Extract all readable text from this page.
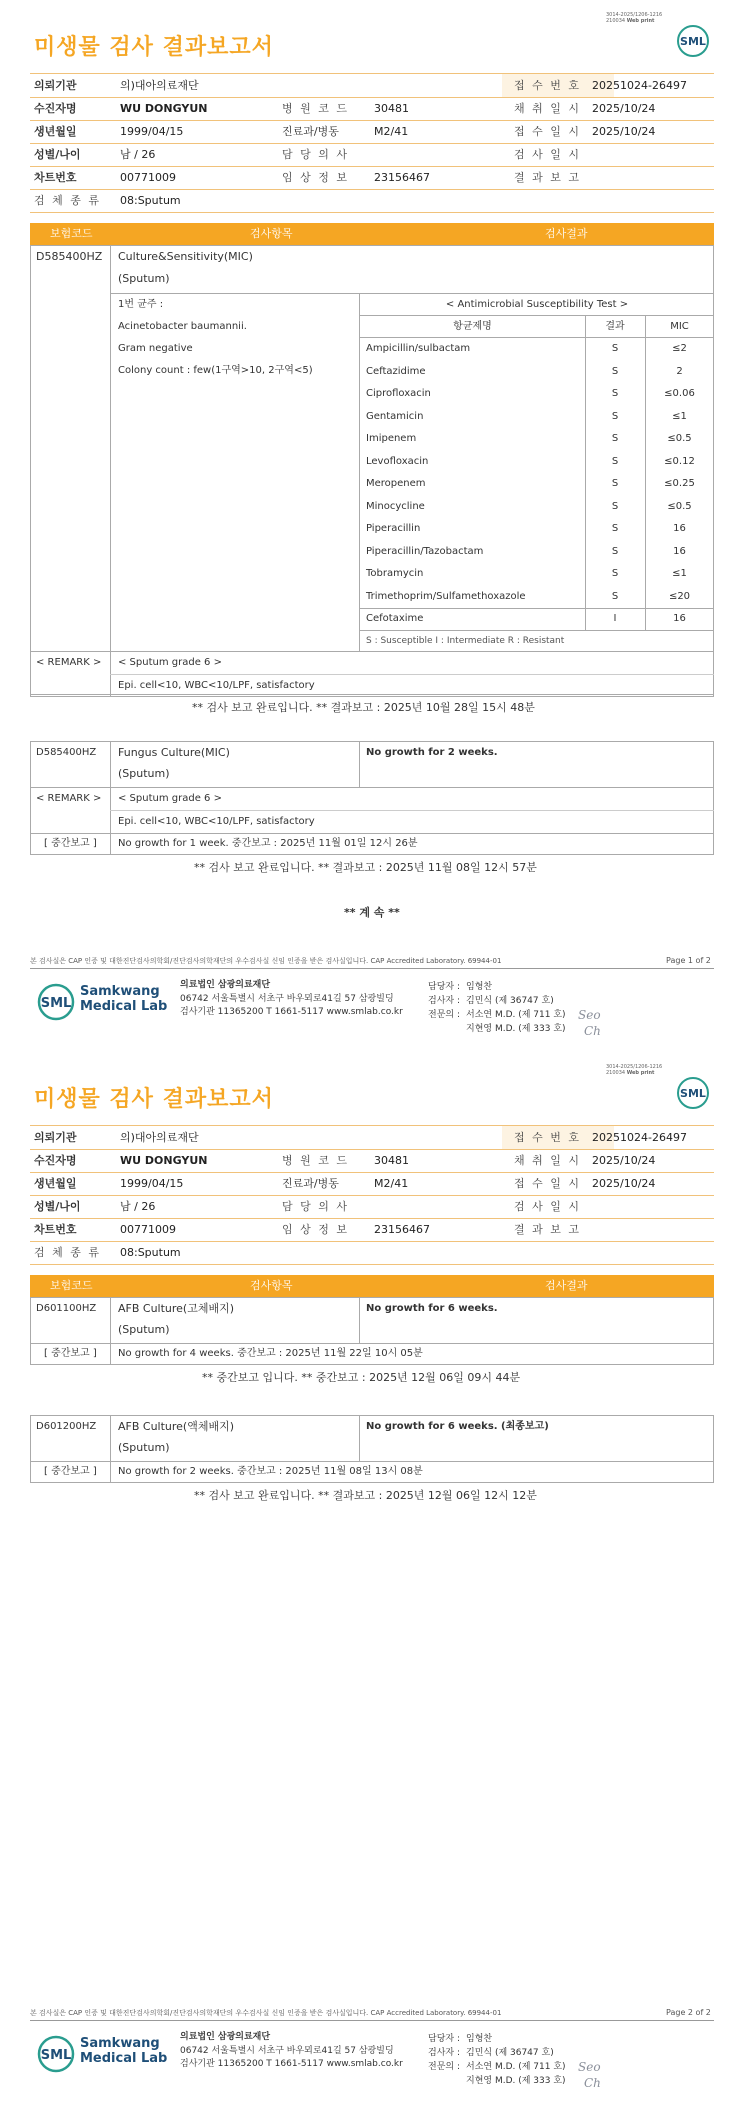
3014-2025/1206-1216
210034 Web print
미생물 검사 결과보고서	SML
의뢰기관	의)대아의료재단	접 수 번 호 20251024-26497
수진자명	WU DONGYUN	병 원 코 드 30481	채 취 일 시 2025/10/24
생년월일	1999/04/15	진료과/병동	M2/41	접 수 일 시 2025/10/24
성별/나이	남 / 26	담 당 의 사	검 사 일 시
차트번호	00771009	임 상 정 보 23156467	결 과 보 고
검 체 종 류 08:Sputum
보험코드	검사항목	검사결과
D585400HZ Culture&Sensitivity(MIC)
(Sputum)
1번 균주 :
Acinetobacter baumannii.
Gram negative
Colony count : few(1구역>10, 2구역<5)
< Antimicrobial Susceptibility Test >
항균제명	결과	MIC
Ampicillin/sulbactam	S	≤2
Ceftazidime	S	2
Ciprofloxacin	S	≤0.06
Gentamicin	S	≤1
Imipenem	S	≤0.5
Levofloxacin	S	≤0.12
Meropenem	S	≤0.25
Minocycline	S	≤0.5
Piperacillin	S	16
Piperacillin/Tazobactam	S	16
Tobramycin	S	≤1
Trimethoprim/Sulfamethoxazole	S	≤20
Cefotaxime	I	16
S : Susceptible I : Intermediate R : Resistant
< REMARK > < Sputum grade 6 >
Epi. cell<10, WBC<10/LPF, satisfactory
** 검사 보고 완료입니다. ** 결과보고 : 2025년 10월 28일 15시 48분
D585400HZ Fungus Culture(MIC)
(Sputum)
No growth for 2 weeks.
< REMARK > < Sputum grade 6 >
Epi. cell<10, WBC<10/LPF, satisfactory
[ 중간보고 ] No growth for 1 week. 중간보고 : 2025년 11월 01일 12시 26분
** 검사 보고 완료입니다. ** 결과보고 : 2025년 11월 08일 12시 57분
** 계 속 **
본 검사실은 CAP 인증 및 대한진단검사의학회/진단검사의학재단의 우수검사실 신임 인증을 받은 검사실입니다. CAP Accredited Laboratory. 69944-01	Page 1 of 2
SML
Samkwang
Medical Lab
의료법인 삼광의료재단
06742 서울특별시 서초구 바우뫼로41길 57 삼광빌딩
검사기관 11365200 T 1661-5117 www.smlab.co.kr
담당자 : 임형찬
검사자 : 김민식 (제 36747 호)
전문의 : 서소연 M.D. (제 711 호)
지현영 M.D. (제 333 호)
Seo
Ch
3014-2025/1206-1216
210034 Web print
미생물 검사 결과보고서	SML
의뢰기관	의)대아의료재단	접 수 번 호 20251024-26497
수진자명	WU DONGYUN	병 원 코 드 30481	채 취 일 시 2025/10/24
생년월일	1999/04/15	진료과/병동	M2/41	접 수 일 시 2025/10/24
성별/나이	남 / 26	담 당 의 사	검 사 일 시
차트번호	00771009	임 상 정 보 23156467	결 과 보 고
검 체 종 류 08:Sputum
보험코드	검사항목	검사결과
D601100HZ AFB Culture(고체배지)
(Sputum)
No growth for 6 weeks.
[ 중간보고 ] No growth for 4 weeks. 중간보고 : 2025년 11월 22일 10시 05분
** 중간보고 입니다. ** 중간보고 : 2025년 12월 06일 09시 44분
D601200HZ AFB Culture(액체배지)
(Sputum)
No growth for 6 weeks. (최종보고)
[ 중간보고 ] No growth for 2 weeks. 중간보고 : 2025년 11월 08일 13시 08분
** 검사 보고 완료입니다. ** 결과보고 : 2025년 12월 06일 12시 12분
본 검사실은 CAP 인증 및 대한진단검사의학회/진단검사의학재단의 우수검사실 신임 인증을 받은 검사실입니다. CAP Accredited Laboratory. 69944-01	Page 2 of 2
SML
Samkwang
Medical Lab
의료법인 삼광의료재단
06742 서울특별시 서초구 바우뫼로41길 57 삼광빌딩
검사기관 11365200 T 1661-5117 www.smlab.co.kr
담당자 : 임형찬
검사자 : 김민식 (제 36747 호)
전문의 : 서소연 M.D. (제 711 호)
지현영 M.D. (제 333 호)
Seo
Ch
